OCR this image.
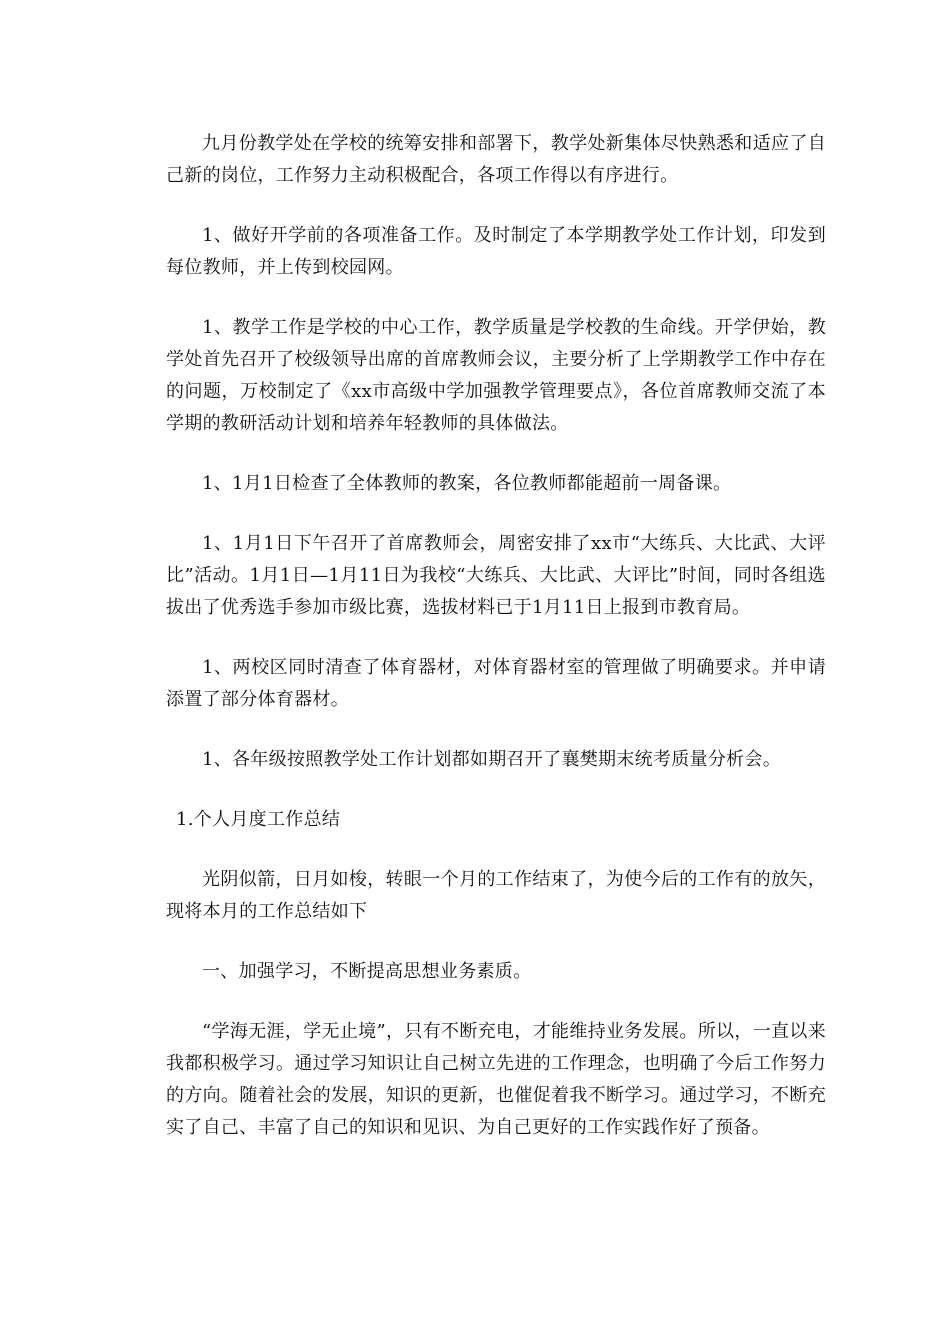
九月份教学处在学校的统筹安排和部署下，教学处新集体尽快熟悉和适应了自己新的岗位，工作努力主动积极配合，各项工作得以有序进行。

1、做好开学前的各项准备工作。及时制定了本学期教学处工作计划，印发到每位教师，并上传到校园网。

1、教学工作是学校的中心工作，教学质量是学校教的生命线。开学伊始，教学处首先召开了校级领导出席的首席教师会议，主要分析了上学期教学工作中存在的问题，万校制定了《xx市高级中学加强教学管理要点》，各位首席教师交流了本学期的教研活动计划和培养年轻教师的具体做法。

1、1月1日检查了全体教师的教案，各位教师都能超前一周备课。

1、1月1日下午召开了首席教师会，周密安排了xx市“大练兵、大比武、大评比”活动。1月1日—1月11日为我校“大练兵、大比武、大评比”时间，同时各组选拔出了优秀选手参加市级比赛，选拔材料已于1月11日上报到市教育局。

1、两校区同时清查了体育器材，对体育器材室的管理做了明确要求。并申请添置了部分体育器材。

1、各年级按照教学处工作计划都如期召开了襄樊期末统考质量分析会。

1.个人月度工作总结

光阴似箭，日月如梭，转眼一个月的工作结束了，为使今后的工作有的放矢，现将本月的工作总结如下

一、加强学习，不断提高思想业务素质。

“学海无涯，学无止境”，只有不断充电，才能维持业务发展。所以，一直以来我都积极学习。通过学习知识让自己树立先进的工作理念，也明确了今后工作努力的方向。随着社会的发展，知识的更新，也催促着我不断学习。通过学习，不断充实了自己、丰富了自己的知识和见识、为自己更好的工作实践作好了预备。
